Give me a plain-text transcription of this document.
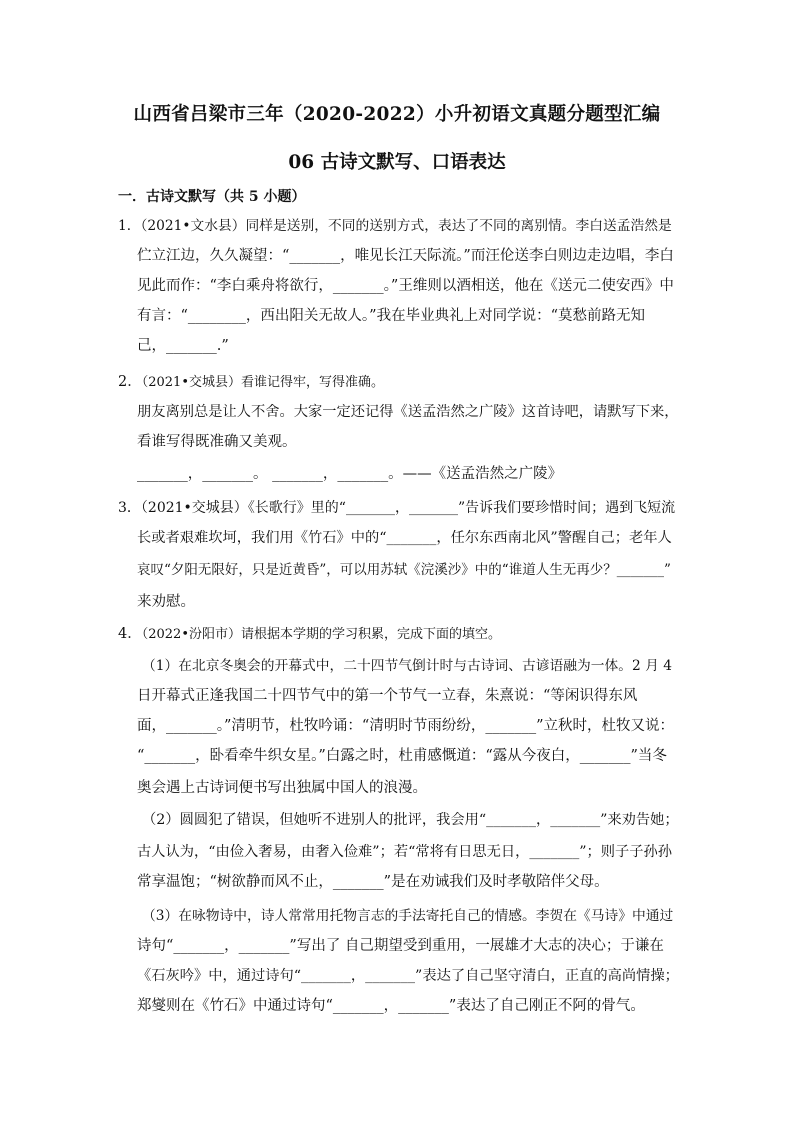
山西省吕梁市三年（2020-2022）小升初语文真题分题型汇编
06 古诗文默写、口语表达
一．古诗文默写（共 5 小题）
1．（2021•文水县）同样是送别，不同的送别方式，表达了不同的离别情。李白送孟浩然是
伫立江边，久久凝望：“_______，唯见长江天际流。”而汪伦送李白则边走边唱，李白
见此而作：“李白乘舟将欲行，_______。”王维则以酒相送，他在《送元二使安西》中
有言：“________，西出阳关无故人。”我在毕业典礼上对同学说：“莫愁前路无知
己，_______.”
2．（2021•交城县）看谁记得牢，写得准确。
朋友离别总是让人不舍。大家一定还记得《送孟浩然之广陵》这首诗吧，请默写下来，
看谁写得既准确又美观。
_______，_______。 _______，_______。——《送孟浩然之广陵》
3．（2021•交城县）《长歌行》里的“_______，_______”告诉我们要珍惜时间；遇到飞短流
长或者艰难坎坷，我们用《竹石》中的“_______，任尔东西南北风”警醒自己；老年人
哀叹“夕阳无限好，只是近黄昏”，可以用苏轼《浣溪沙》中的“谁道人生无再少？_______”
来劝慰。
4．（2022•汾阳市）请根据本学期的学习积累，完成下面的填空。
（1）在北京冬奥会的开幕式中，二十四节气倒计时与古诗词、古谚语融为一体。2 月 4
日开幕式正逢我国二十四节气中的第一个节气一立春，朱熹说：“等闲识得东风
面，_______。”清明节，杜牧吟诵：“清明时节雨纷纷，_______”立秋时，杜牧又说：
“_______，卧看牵牛织女星。”白露之时，杜甫感慨道：“露从今夜白，_______”当冬
奥会遇上古诗词便书写出独属中国人的浪漫。
（2）圆圆犯了错误，但她听不进别人的批评，我会用“_______，_______”来劝告她；
古人认为，“由俭入奢易，由奢入俭难”；若“常将有日思无日，_______”；则子子孙孙
常享温饱；“树欲静而风不止，_______”是在劝诫我们及时孝敬陪伴父母。
（3）在咏物诗中，诗人常常用托物言志的手法寄托自己的情感。李贺在《马诗》中通过
诗句“_______，_______”写出了 自己期望受到重用，一展雄才大志的决心；于谦在
《石灰吟》中，通过诗句“_______，_______”表达了自己坚守清白，正直的高尚情操；
郑燮则在《竹石》中通过诗句“_______，_______”表达了自己刚正不阿的骨气。
